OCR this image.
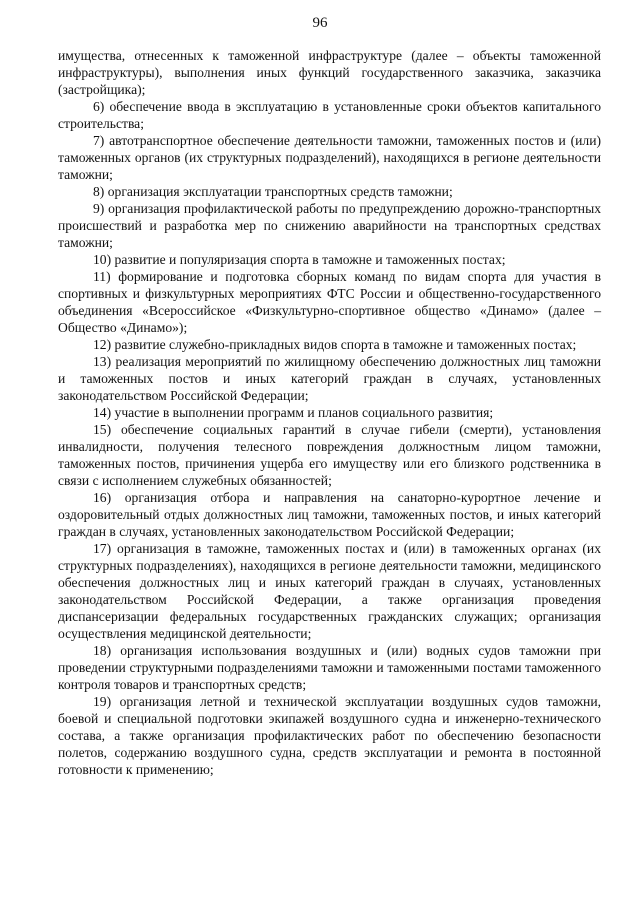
96

имущества, отнесенных к таможенной инфраструктуре (далее – объекты таможенной инфраструктуры), выполнения иных функций государственного заказчика, заказчика (застройщика);

6) обеспечение ввода в эксплуатацию в установленные сроки объектов капитального строительства;

7) автотранспортное обеспечение деятельности таможни, таможенных постов и (или) таможенных органов (их структурных подразделений), находящихся в регионе деятельности таможни;

8) организация эксплуатации транспортных средств таможни;

9) организация профилактической работы по предупреждению дорожно-транспортных происшествий и разработка мер по снижению аварийности на транспортных средствах таможни;

10) развитие и популяризация спорта в таможне и таможенных постах;

11) формирование и подготовка сборных команд по видам спорта для участия в спортивных и физкультурных мероприятиях ФТС России и общественно-государственного объединения «Всероссийское «Физкультурно-спортивное общество «Динамо» (далее – Общество «Динамо»);

12) развитие служебно-прикладных видов спорта в таможне и таможенных постах;

13) реализация мероприятий по жилищному обеспечению должностных лиц таможни и таможенных постов и иных категорий граждан в случаях, установленных законодательством Российской Федерации;

14) участие в выполнении программ и планов социального развития;

15) обеспечение социальных гарантий в случае гибели (смерти), установления инвалидности, получения телесного повреждения должностным лицом таможни, таможенных постов, причинения ущерба его имуществу или его близкого родственника в связи с исполнением служебных обязанностей;

16) организация отбора и направления на санаторно-курортное лечение и оздоровительный отдых должностных лиц таможни, таможенных постов, и иных категорий граждан в случаях, установленных законодательством Российской Федерации;

17) организация в таможне, таможенных постах и (или) в таможенных органах (их структурных подразделениях), находящихся в регионе деятельности таможни, медицинского обеспечения должностных лиц и иных категорий граждан в случаях, установленных законодательством Российской Федерации, а также организация проведения диспансеризации федеральных государственных гражданских служащих; организация осуществления медицинской деятельности;

18) организация использования воздушных и (или) водных судов таможни при проведении структурными подразделениями таможни и таможенными постами таможенного контроля товаров и транспортных средств;

19) организация летной и технической эксплуатации воздушных судов таможни, боевой и специальной подготовки экипажей воздушного судна и инженерно-технического состава, а также организация профилактических работ по обеспечению безопасности полетов, содержанию воздушного судна, средств эксплуатации и ремонта в постоянной готовности к применению;
